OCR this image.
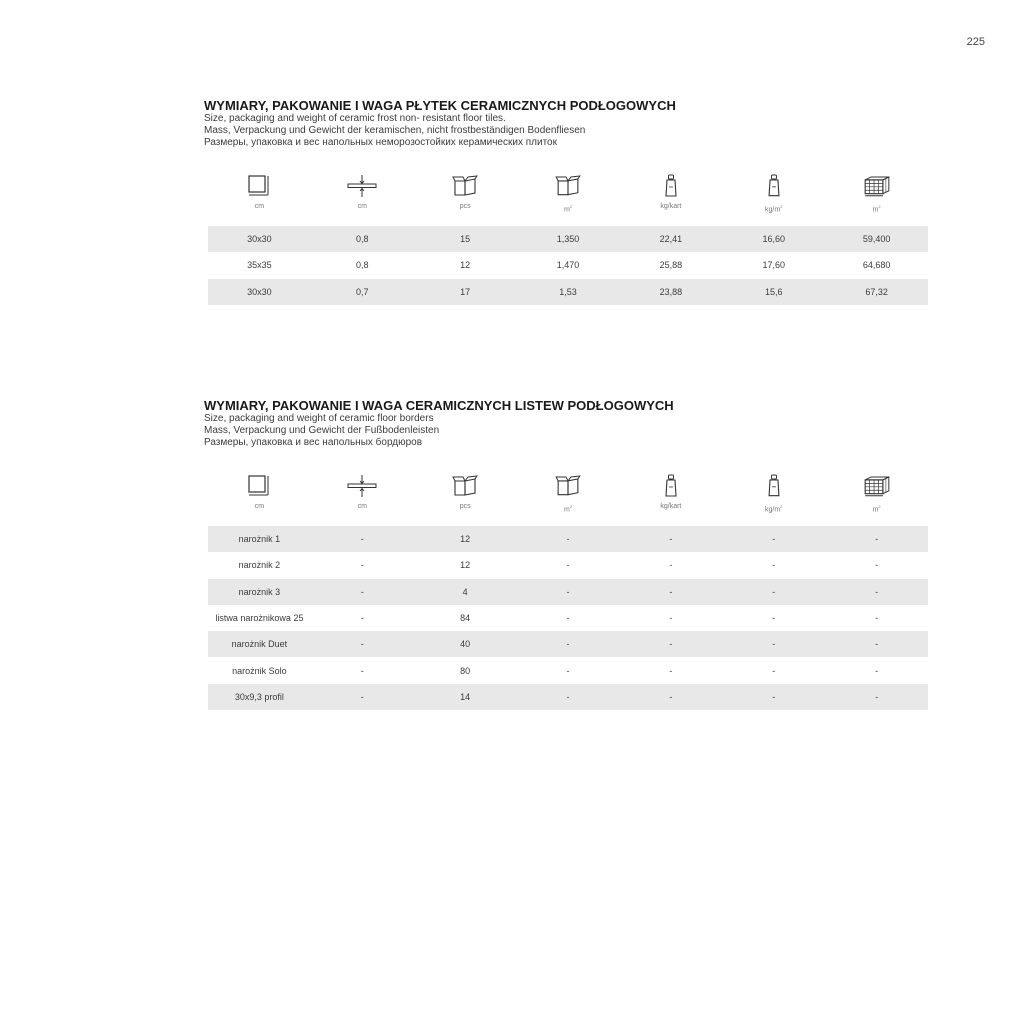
225
WYMIARY, PAKOWANIE I WAGA PŁYTEK CERAMICZNYCH PODŁOGOWYCH

Size, packaging and weight of ceramic frost non- resistant floor tiles.

Mass, Verpackung und Gewicht der keramischen, nicht frostbeständigen Bodenfliesen

Размеры, упаковка и вес напольных неморозостойких керамических плиток

cm	cm	pcs	$m^2$	kg/kart	$kg/m^2$	$m^2$
30x30	0,8	15	1,350	22,41	16,60	59,400
35x35	0,8	12	1,470	25,88	17,60	64,680
30x30	0,7	17	1,53	23,88	15,6	67,32
WYMIARY, PAKOWANIE I WAGA CERAMICZNYCH LISTEW PODŁOGOWYCH

Size, packaging and weight of ceramic floor borders

Mass, Verpackung und Gewicht der Fußbodenleisten

Размеры, упаковка и вес напольных бордюров

cm	cm	pcs	$m^2$	kg/kart	$kg/m^2$	$m^2$
narożnik 1	-	12	-	-	-	-
narożnik 2	-	12	-	-	-	-
narożnik 3	-	4	-	-	-	-
listwa narożnikowa 25	-	84	-	-	-	-
narożnik Duet	-	40	-	-	-	-
narożnik Solo	-	80	-	-	-	-
30x9,3 profil	-	14	-	-	-	-
